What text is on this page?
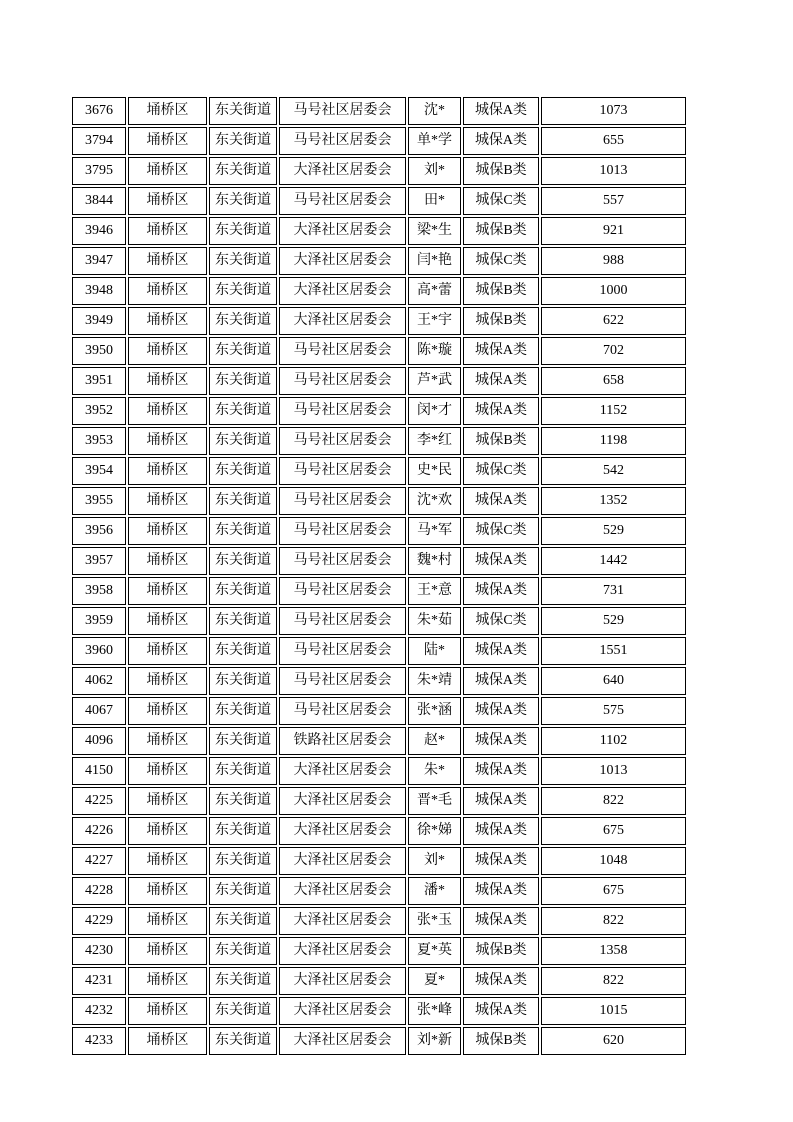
3676	埇桥区	东关街道	马号社区居委会	沈*	城保A类	1073
3794	埇桥区	东关街道	马号社区居委会	单*学	城保A类	655
3795	埇桥区	东关街道	大泽社区居委会	刘*	城保B类	1013
3844	埇桥区	东关街道	马号社区居委会	田*	城保C类	557
3946	埇桥区	东关街道	大泽社区居委会	梁*生	城保B类	921
3947	埇桥区	东关街道	大泽社区居委会	闫*艳	城保C类	988
3948	埇桥区	东关街道	大泽社区居委会	高*蕾	城保B类	1000
3949	埇桥区	东关街道	大泽社区居委会	王*宇	城保B类	622
3950	埇桥区	东关街道	马号社区居委会	陈*璇	城保A类	702
3951	埇桥区	东关街道	马号社区居委会	芦*武	城保A类	658
3952	埇桥区	东关街道	马号社区居委会	闵*才	城保A类	1152
3953	埇桥区	东关街道	马号社区居委会	李*红	城保B类	1198
3954	埇桥区	东关街道	马号社区居委会	史*民	城保C类	542
3955	埇桥区	东关街道	马号社区居委会	沈*欢	城保A类	1352
3956	埇桥区	东关街道	马号社区居委会	马*军	城保C类	529
3957	埇桥区	东关街道	马号社区居委会	魏*村	城保A类	1442
3958	埇桥区	东关街道	马号社区居委会	王*意	城保A类	731
3959	埇桥区	东关街道	马号社区居委会	朱*茹	城保C类	529
3960	埇桥区	东关街道	马号社区居委会	陆*	城保A类	1551
4062	埇桥区	东关街道	马号社区居委会	朱*靖	城保A类	640
4067	埇桥区	东关街道	马号社区居委会	张*涵	城保A类	575
4096	埇桥区	东关街道	铁路社区居委会	赵*	城保A类	1102
4150	埇桥区	东关街道	大泽社区居委会	朱*	城保A类	1013
4225	埇桥区	东关街道	大泽社区居委会	晋*毛	城保A类	822
4226	埇桥区	东关街道	大泽社区居委会	徐*娣	城保A类	675
4227	埇桥区	东关街道	大泽社区居委会	刘*	城保A类	1048
4228	埇桥区	东关街道	大泽社区居委会	潘*	城保A类	675
4229	埇桥区	东关街道	大泽社区居委会	张*玉	城保A类	822
4230	埇桥区	东关街道	大泽社区居委会	夏*英	城保B类	1358
4231	埇桥区	东关街道	大泽社区居委会	夏*	城保A类	822
4232	埇桥区	东关街道	大泽社区居委会	张*峰	城保A类	1015
4233	埇桥区	东关街道	大泽社区居委会	刘*新	城保B类	620
